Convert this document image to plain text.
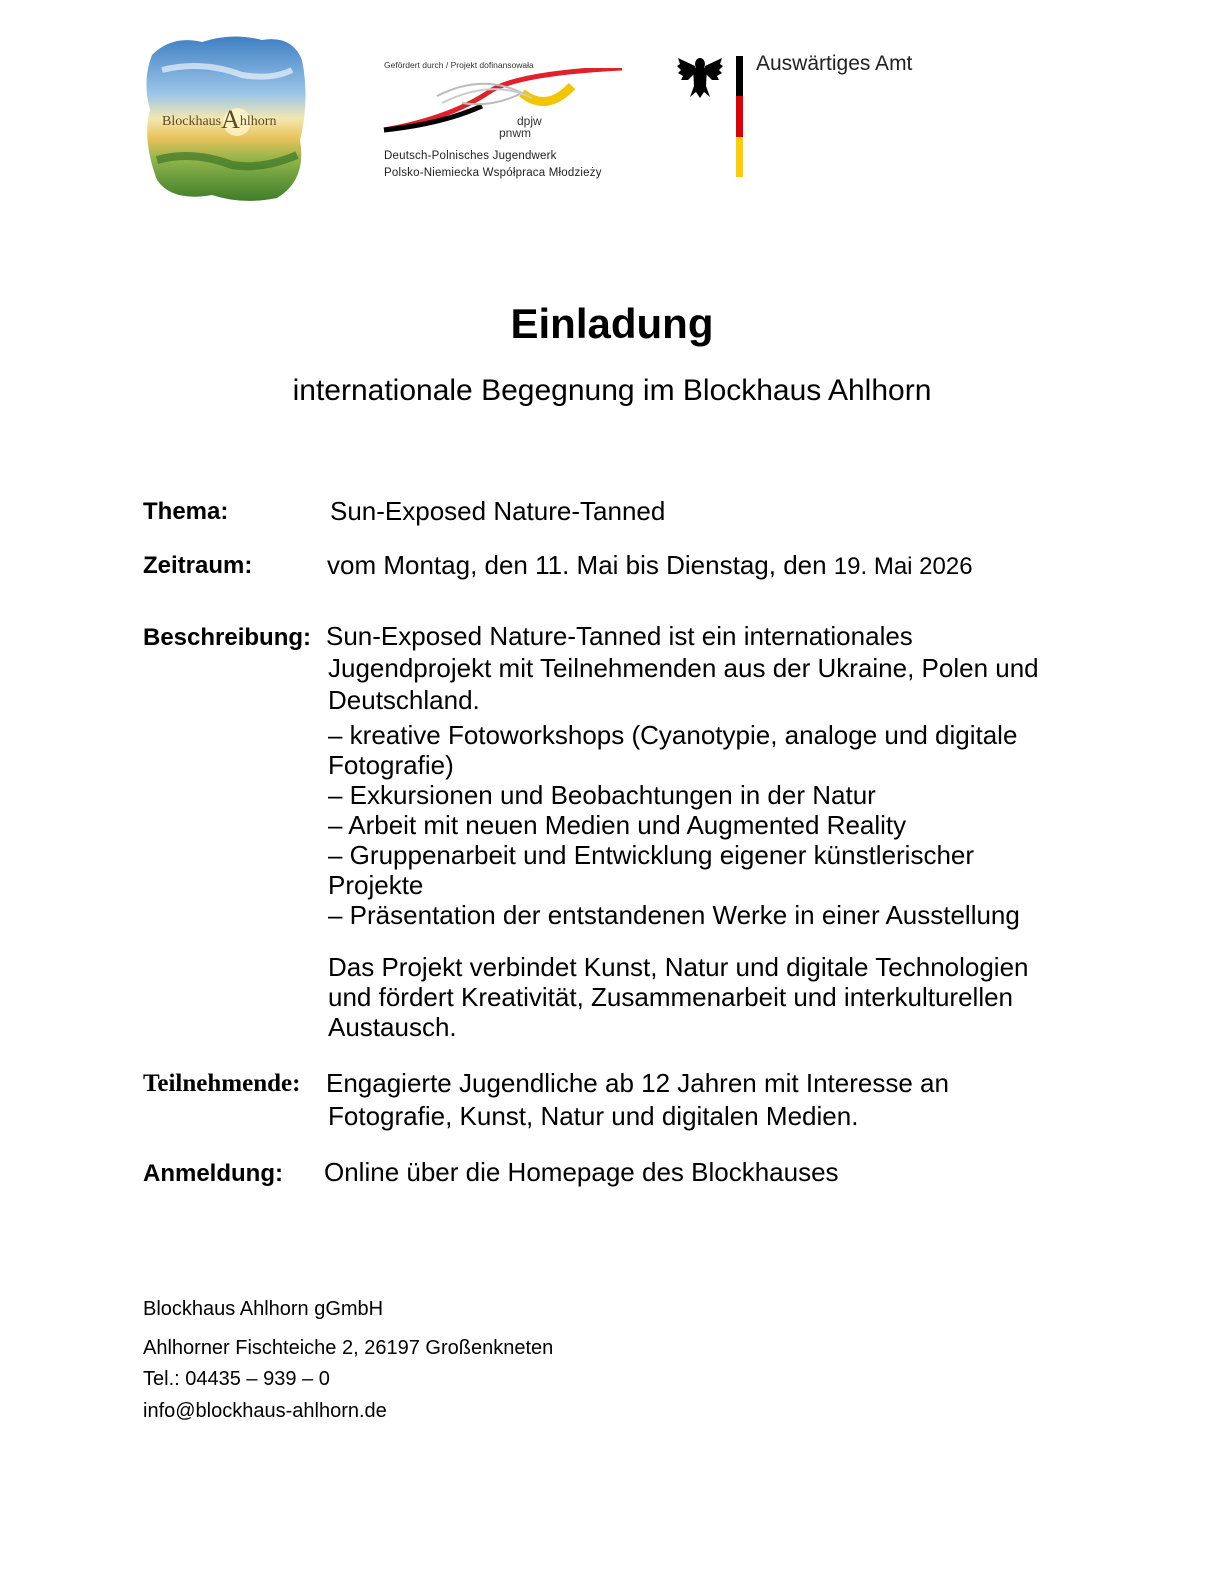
BlockhausAhlhorn
Gefördert durch / Projekt dofinansowała
dpjw
pnwm
Deutsch-Polnisches Jugendwerk
Polsko-Niemiecka Współpraca Młodzieży
Auswärtiges Amt
Einladung
internationale Begegnung im Blockhaus Ahlhorn
Thema:	Sun-Exposed Nature-Tanned
Zeitraum:	vom Montag, den 11. Mai bis Dienstag, den 19. Mai 2026
Beschreibung: Sun-Exposed Nature-Tanned ist ein internationales

Jugendprojekt mit Teilnehmenden aus der Ukraine, Polen und

Deutschland.

– kreative Fotoworkshops (Cyanotypie, analoge und digitale

Fotografie)

– Exkursionen und Beobachtungen in der Natur

– Arbeit mit neuen Medien und Augmented Reality

– Gruppenarbeit und Entwicklung eigener künstlerischer

Projekte

– Präsentation der entstandenen Werke in einer Ausstellung

Das Projekt verbindet Kunst, Natur und digitale Technologien

und fördert Kreativität, Zusammenarbeit und interkulturellen

Austausch.

Teilnehmende: Engagierte Jugendliche ab 12 Jahren mit Interesse an
Fotografie, Kunst, Natur und digitalen Medien.
Anmeldung: Online über die Homepage des Blockhauses
Blockhaus Ahlhorn gGmbH
Ahlhorner Fischteiche 2, 26197 Großenkneten
Tel.: 04435 – 939 – 0
info@blockhaus-ahlhorn.de
